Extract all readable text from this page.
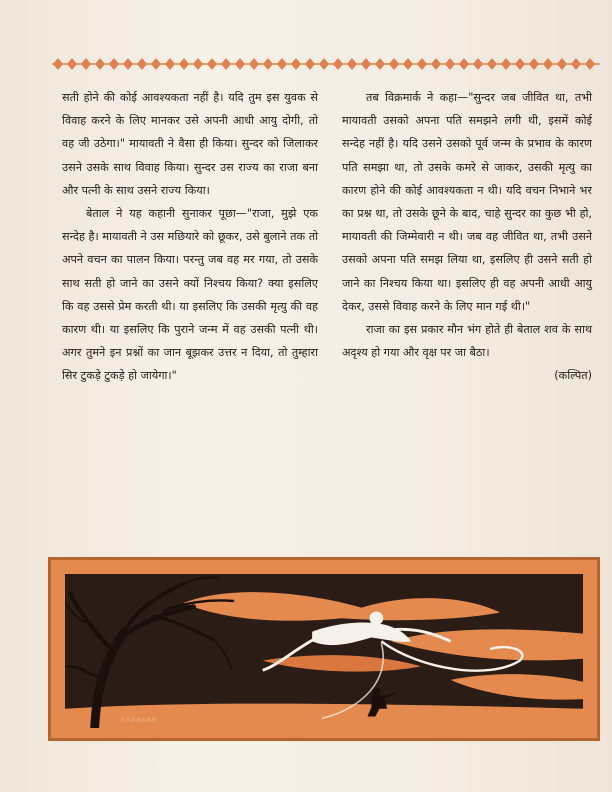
सती होने की कोई आवश्यकता नहीं है। यदि तुम इस युवक से विवाह करने के लिए मानकर उसे अपनी आधी आयु दोगी, तो वह जी उठेगा।" मायावती ने वैसा ही किया। सुन्दर को जिलाकर उसने उसके साथ विवाह किया। सुन्दर उस राज्य का राजा बना और पत्नी के साथ उसने राज्य किया।

बेताल ने यह कहानी सुनाकर पूछा—"राजा, मुझे एक सन्देह है। मायावती ने उस मछियारे को छूकर, उसे बुलाने तक तो अपने वचन का पालन किया। परन्तु जब वह मर गया, तो उसके साथ सती हो जाने का उसने क्यों निश्चय किया? क्या इसलिए कि वह उससे प्रेम करती थी। या इसलिए कि उसकी मृत्यु की वह कारण थी। या इसलिए कि पुराने जन्म में वह उसकी पत्नी थी। अगर तुमने इन प्रश्नों का जान बूझकर उत्तर न दिया, तो तुम्हारा सिर टुकड़े टुकड़े हो जायेगा।"

तब विक्रमार्क ने कहा—"सुन्दर जब जीवित था, तभी मायावती उसको अपना पति समझने लगी थी, इसमें कोई सन्देह नहीं है। यदि उसने उसको पूर्व जन्म के प्रभाव के कारण पति समझा था, तो उसके कमरे से जाकर, उसकी मृत्यु का कारण होने की कोई आवश्यकता न थी। यदि वचन निभाने भर का प्रश्न था, तो उसके छूने के बाद, चाहे सुन्दर का कुछ भी हो, मायावती की जिम्मेवारी न थी। जब वह जीवित था, तभी उसने उसको अपना पति समझ लिया था, इसलिए ही उसने सती हो जाने का निश्चय किया था। इसलिए ही वह अपनी आधी आयु देकर, उससे विवाह करने के लिए मान गई थी।"

राजा का इस प्रकार मौन भंग होते ही बेताल शव के साथ अदृश्य हो गया और वृक्ष पर जा बैठा।

(कल्पित)

SHANKAR
